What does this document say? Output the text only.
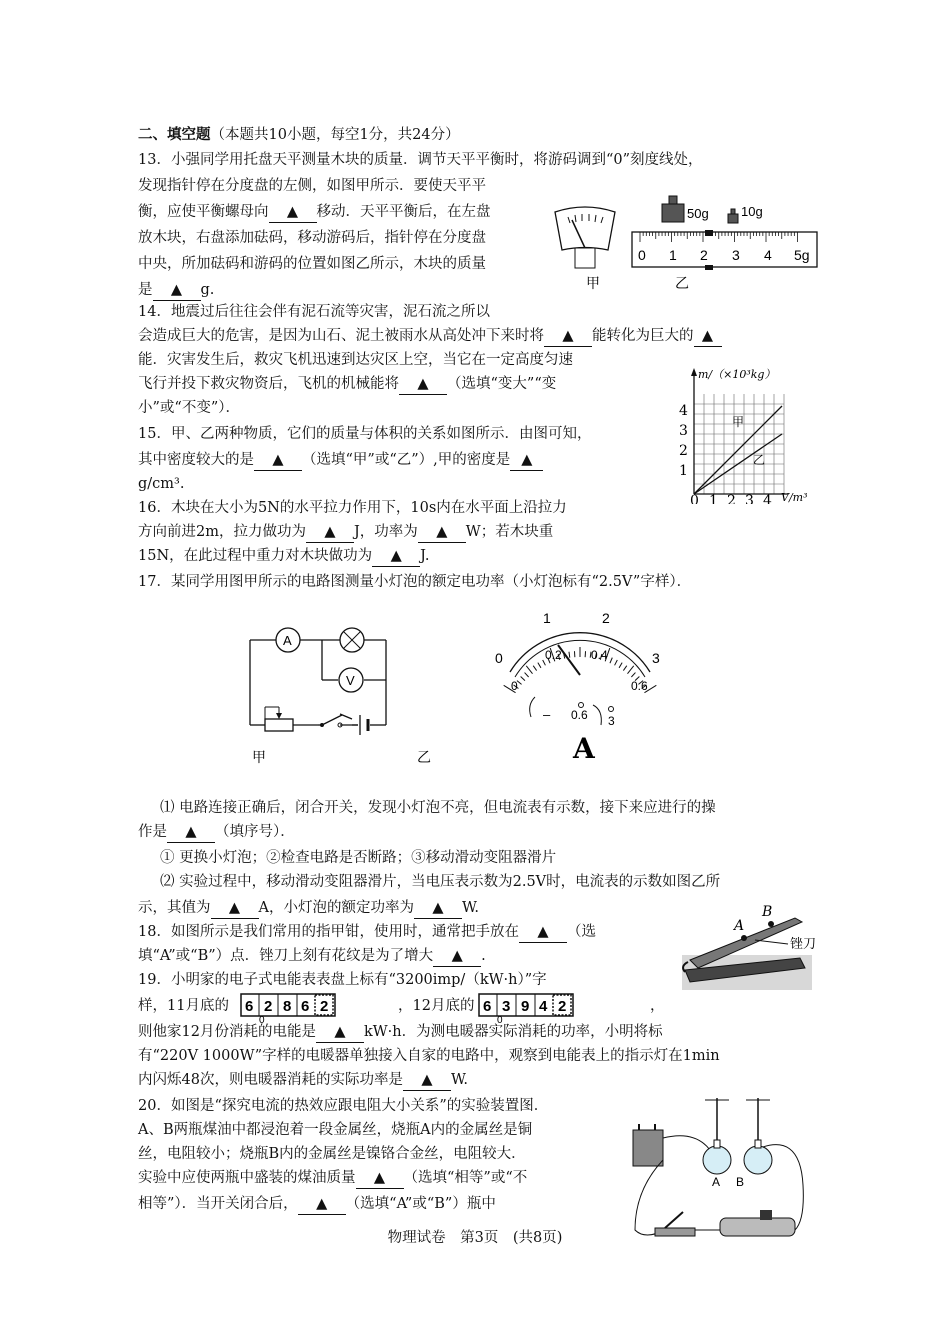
二、填空题（本题共10小题，每空1分，共24分）
13．小强同学用托盘天平测量木块的质量．调节天平平衡时，将游码调到“0”刻度线处，
发现指针停在分度盘的左侧，如图甲所示．要使天平平
衡，应使平衡螺母向 ▲ 移动．天平平衡后，在左盘
放木块，右盘添加砝码，移动游码后，指针停在分度盘
中央，所加砝码和游码的位置如图乙所示，木块的质量
是 ▲ g.
50g 10g
0 1 2 3 4 5g
甲	乙
14．地震过后往往会伴有泥石流等灾害，泥石流之所以
会造成巨大的危害，是因为山石、泥土被雨水从高处冲下来时将 ▲ 能转化为巨大的 ▲
能．灾害发生后，救灾飞机迅速到达灾区上空，当它在一定高度匀速
飞行并投下救灾物资后，飞机的机械能将 ▲ （选填“变大”“变
小”或“不变”）．
15．甲、乙两种物质，它们的质量与体积的关系如图所示．由图可知，
其中密度较大的是 ▲ （选填“甲”或“乙”）,甲的密度是 ▲
g/cm³.
m/（×10³kg）
甲
乙
1
2
3
4
0 1 2 3 4 V/m³
16．木块在大小为5N的水平拉力作用下，10s内在水平面上沿拉力
方向前进2m，拉力做功为 ▲ J，功率为 ▲ W；若木块重
15N，在此过程中重力对木块做功为 ▲ J.
17．某同学用图甲所示的电路图测量小灯泡的额定电功率（小灯泡标有“2.5V”字样）．
A
V
甲	乙
0
1	2
3
0
0.2 0.4
0.6
– 0.6 3
A
⑴ 电路连接正确后，闭合开关，发现小灯泡不亮，但电流表有示数，接下来应进行的操
作是 ▲ （填序号）．
① 更换小灯泡；②检查电路是否断路；③移动滑动变阻器滑片
⑵ 实验过程中，移动滑动变阻器滑片，当电压表示数为2.5V时，电流表的示数如图乙所
示，其值为 ▲ A，小灯泡的额定功率为 ▲ W.
18．如图所示是我们常用的指甲钳，使用时，通常把手放在 ▲ （选
填“A”或“B”）点．锉刀上刻有花纹是为了增大 ▲ .
A
B
锉刀
19．小明家的电子式电能表表盘上标有“3200imp/（kW·h）”字
样，11月底的 6 2 8 6 2
0
，12月底的 6 3 9 4 2
0
，
则他家12月份消耗的电能是 ▲ kW·h．为测电暖器实际消耗的功率，小明将标
有“220V 1000W”字样的电暖器单独接入自家的电路中，观察到电能表上的指示灯在1min
内闪烁48次，则电暖器消耗的实际功率是 ▲ W.
20．如图是“探究电流的热效应跟电阻大小关系”的实验装置图．
A、B两瓶煤油中都浸泡着一段金属丝，烧瓶A内的金属丝是铜
丝，电阻较小；烧瓶B内的金属丝是镍铬合金丝，电阻较大．
实验中应使两瓶中盛装的煤油质量 ▲ （选填“相等”或“不
相等”）．当开关闭合后， ▲ （选填“A”或“B”）瓶中
A B
物理试卷　第3页　(共8页)
